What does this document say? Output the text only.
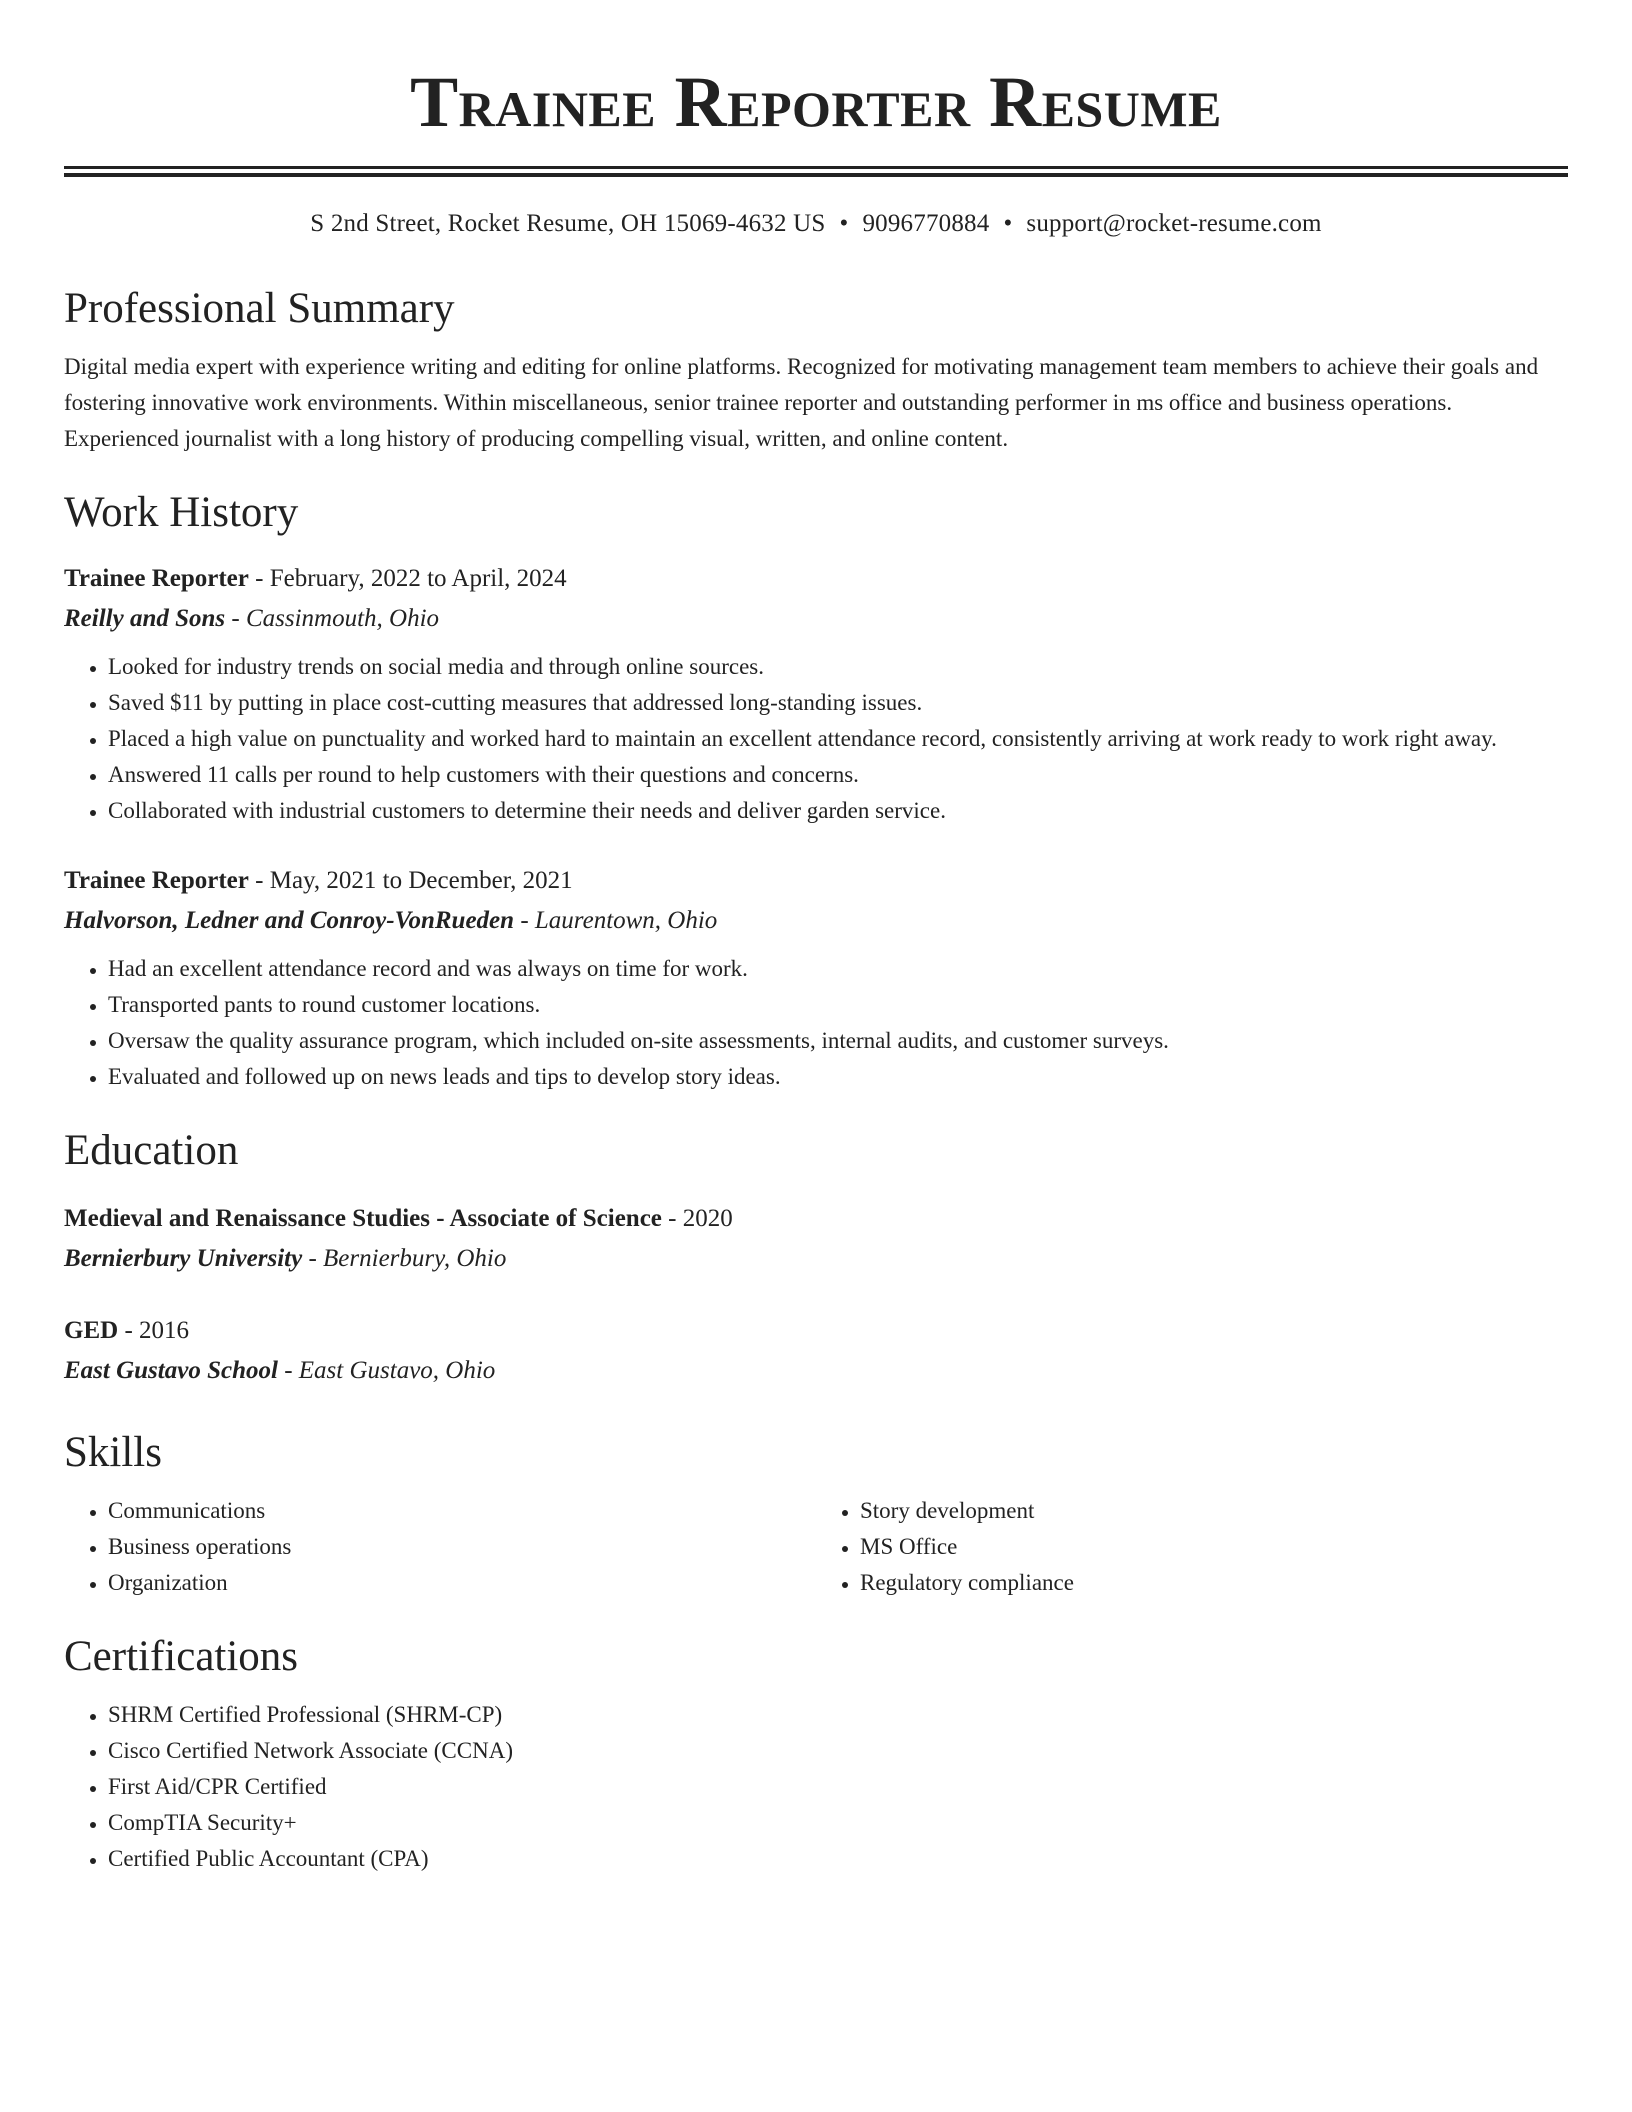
Trainee Reporter Resume
S 2nd Street, Rocket Resume, OH 15069-4632 US • 9096770884 • support@rocket-resume.com
Professional Summary

Digital media expert with experience writing and editing for online platforms. Recognized for motivating management team members to achieve their goals and fostering innovative work environments. Within miscellaneous, senior trainee reporter and outstanding performer in ms office and business operations. Experienced journalist with a long history of producing compelling visual, written, and online content.

Work History
Trainee Reporter - February, 2022 to April, 2024
Reilly and Sons - Cassinmouth, Ohio
• Looked for industry trends on social media and through online sources.
• Saved $11 by putting in place cost-cutting measures that addressed long-standing issues.
• Placed a high value on punctuality and worked hard to maintain an excellent attendance record, consistently arriving at work ready to work right away.
• Answered 11 calls per round to help customers with their questions and concerns.
• Collaborated with industrial customers to determine their needs and deliver garden service.
Trainee Reporter - May, 2021 to December, 2021
Halvorson, Ledner and Conroy-VonRueden - Laurentown, Ohio
• Had an excellent attendance record and was always on time for work.
• Transported pants to round customer locations.
• Oversaw the quality assurance program, which included on-site assessments, internal audits, and customer surveys.
• Evaluated and followed up on news leads and tips to develop story ideas.
Education
Medieval and Renaissance Studies - Associate of Science - 2020
Bernierbury University - Bernierbury, Ohio
GED - 2016
East Gustavo School - East Gustavo, Ohio
Skills
• Communications
• Business operations
• Organization
• Story development
• MS Office
• Regulatory compliance
Certifications
• SHRM Certified Professional (SHRM-CP)
• Cisco Certified Network Associate (CCNA)
• First Aid/CPR Certified
• CompTIA Security+
• Certified Public Accountant (CPA)
